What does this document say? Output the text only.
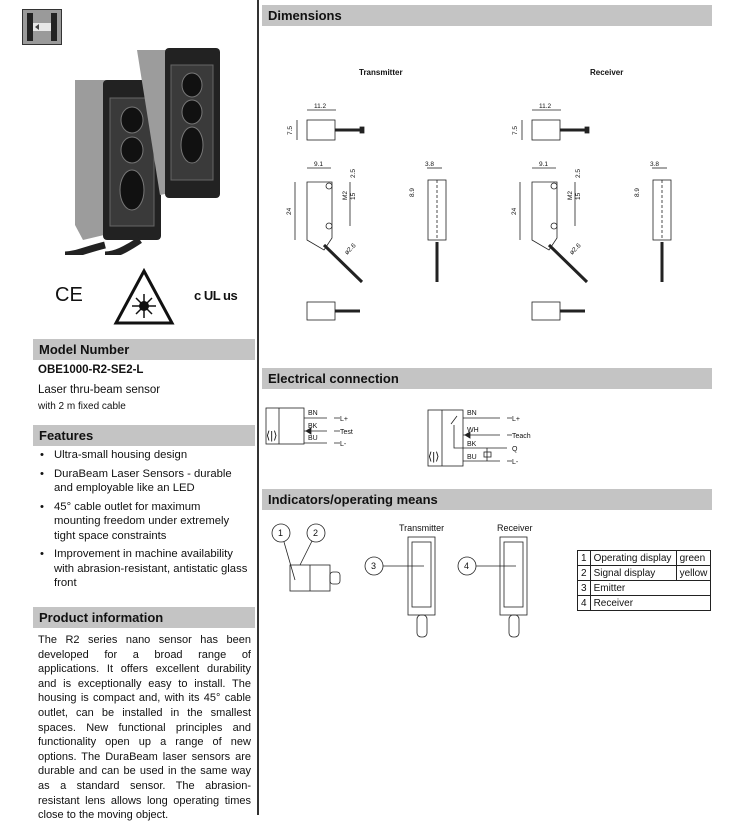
CE	c UL us
Model Number
OBE1000-R2-SE2-L
Laser thru-beam sensor
with 2 m fixed cable
Features
• Ultra-small housing design
• DuraBeam Laser Sensors - durable and employable like an LED
• 45° cable outlet for maximum mounting freedom under extremely tight space constraints
• Improvement in machine availability with abrasion-resistant, antistatic glass front
Product information
The R2 series nano sensor has been developed for a broad range of applications. It offers excellent durability and is exceptionally easy to install. The housing is compact and, with its 45° cable outlet, can be installed in the smallest spaces. New functional principles and functionality open up a range of new options. The DuraBeam laser sensors are durable and can be used in the same way as a standard sensor. The abrasion-resistant lens allows long operating times close to the moving object.
Dimensions
Transmitter	Receiver
11.2
7.5
9.1
24
M2 15
2.5
ø2.6
3.8
8.9
Electrical connection
⟨|⟩
BN
BK
BU
L+
Test
L-
⟨|⟩
BN
WH
BK
BU
L+
Teach
Q
L-
Indicators/operating means
1	2	Transmitter	Receiver
3	4
1	Operating display	green
2	Signal display	yellow
3	Emitter	
4	Receiver	
